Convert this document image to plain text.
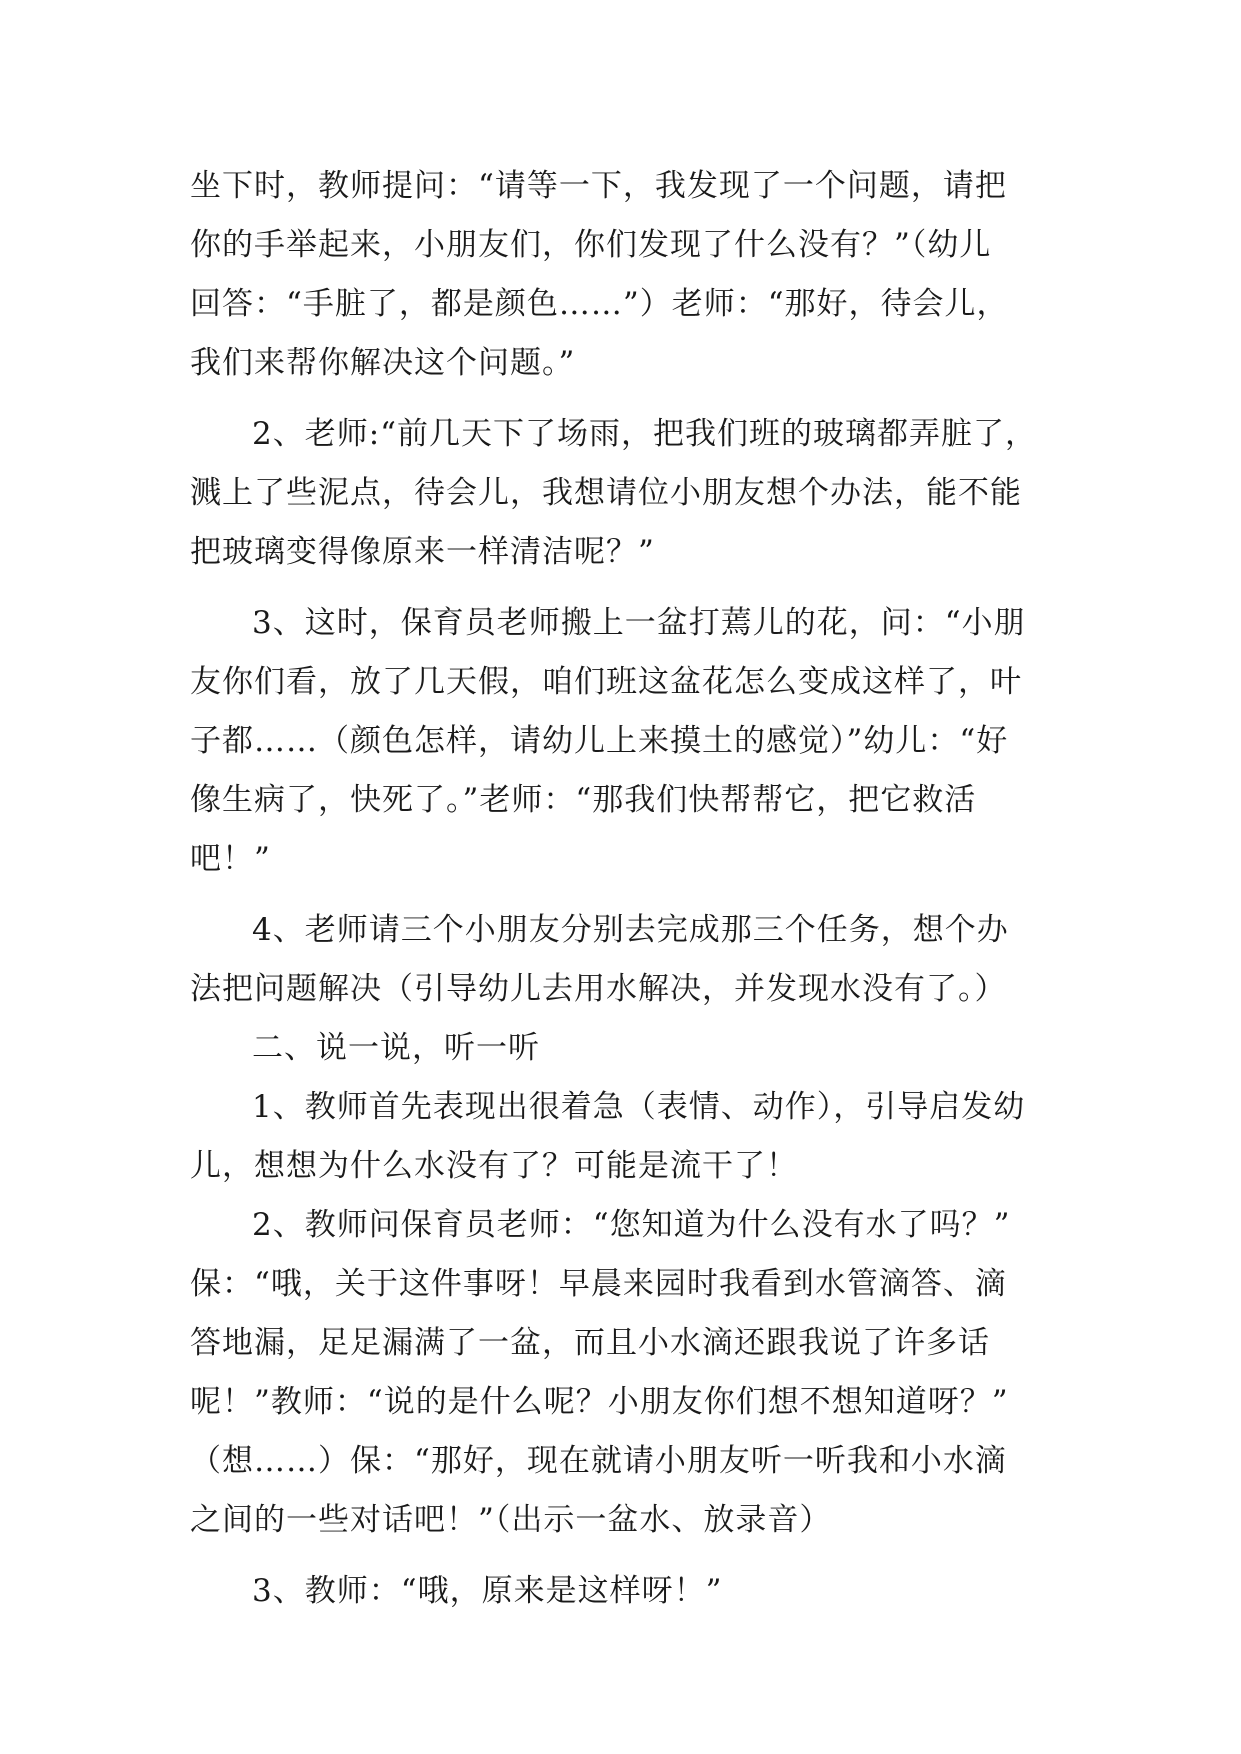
坐下时，教师提问：“请等一下，我发现了一个问题，请把
你的手举起来，小朋友们，你们发现了什么没有？”（幼儿
回答：“手脏了，都是颜色……”）老师：“那好，待会儿，
我们来帮你解决这个问题。”
2、老师:“前几天下了场雨，把我们班的玻璃都弄脏了，
溅上了些泥点，待会儿，我想请位小朋友想个办法，能不能
把玻璃变得像原来一样清洁呢？”
3、这时，保育员老师搬上一盆打蔫儿的花，问：“小朋
友你们看，放了几天假，咱们班这盆花怎么变成这样了，叶
子都……（颜色怎样，请幼儿上来摸土的感觉）”幼儿：“好
像生病了，快死了。”老师：“那我们快帮帮它，把它救活
吧！”
4、老师请三个小朋友分别去完成那三个任务，想个办
法把问题解决（引导幼儿去用水解决，并发现水没有了。）
二、说一说，听一听
1、教师首先表现出很着急（表情、动作），引导启发幼
儿，想想为什么水没有了？可能是流干了！
2、教师问保育员老师：“您知道为什么没有水了吗？”
保：“哦，关于这件事呀！早晨来园时我看到水管滴答、滴
答地漏，足足漏满了一盆，而且小水滴还跟我说了许多话
呢！”教师：“说的是什么呢？小朋友你们想不想知道呀？”
（想……）保：“那好，现在就请小朋友听一听我和小水滴
之间的一些对话吧！”（出示一盆水、放录音）
3、教师：“哦，原来是这样呀！”
